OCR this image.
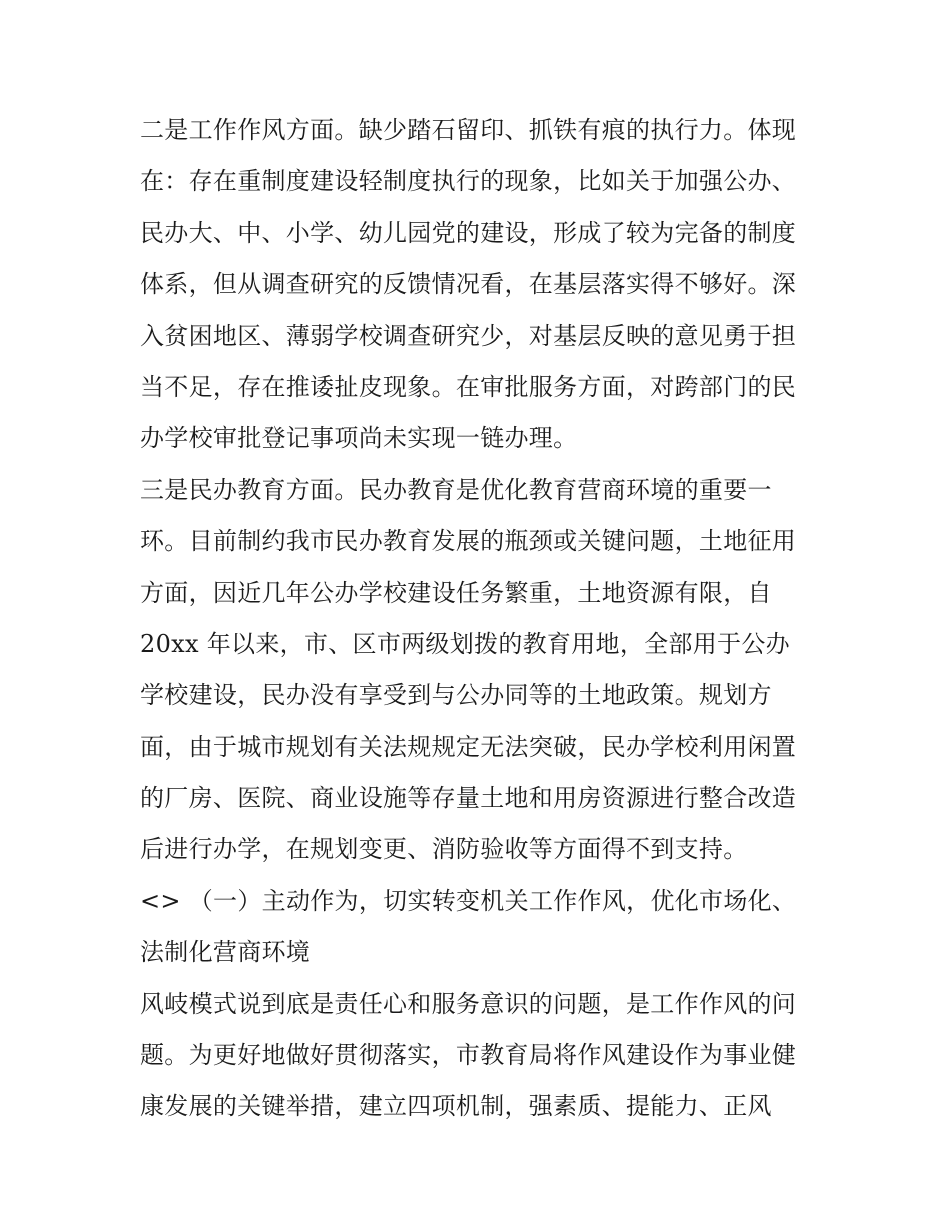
二是工作作风方面。缺少踏石留印、抓铁有痕的执行力。体现
在：存在重制度建设轻制度执行的现象，比如关于加强公办、
民办大、中、小学、幼儿园党的建设，形成了较为完备的制度
体系，但从调查研究的反馈情况看，在基层落实得不够好。深
入贫困地区、薄弱学校调查研究少，对基层反映的意见勇于担
当不足，存在推诿扯皮现象。在审批服务方面，对跨部门的民
办学校审批登记事项尚未实现一链办理。
三是民办教育方面。民办教育是优化教育营商环境的重要一
环。目前制约我市民办教育发展的瓶颈或关键问题，土地征用
方面，因近几年公办学校建设任务繁重，土地资源有限，自
20xx 年以来，市、区市两级划拨的教育用地，全部用于公办
学校建设，民办没有享受到与公办同等的土地政策。规划方
面，由于城市规划有关法规规定无法突破，民办学校利用闲置
的厂房、医院、商业设施等存量土地和用房资源进行整合改造
后进行办学，在规划变更、消防验收等方面得不到支持。
<> （一）主动作为，切实转变机关工作作风，优化市场化、
法制化营商环境
风岐模式说到底是责任心和服务意识的问题，是工作作风的问
题。为更好地做好贯彻落实，市教育局将作风建设作为事业健
康发展的关键举措，建立四项机制，强素质、提能力、正风
